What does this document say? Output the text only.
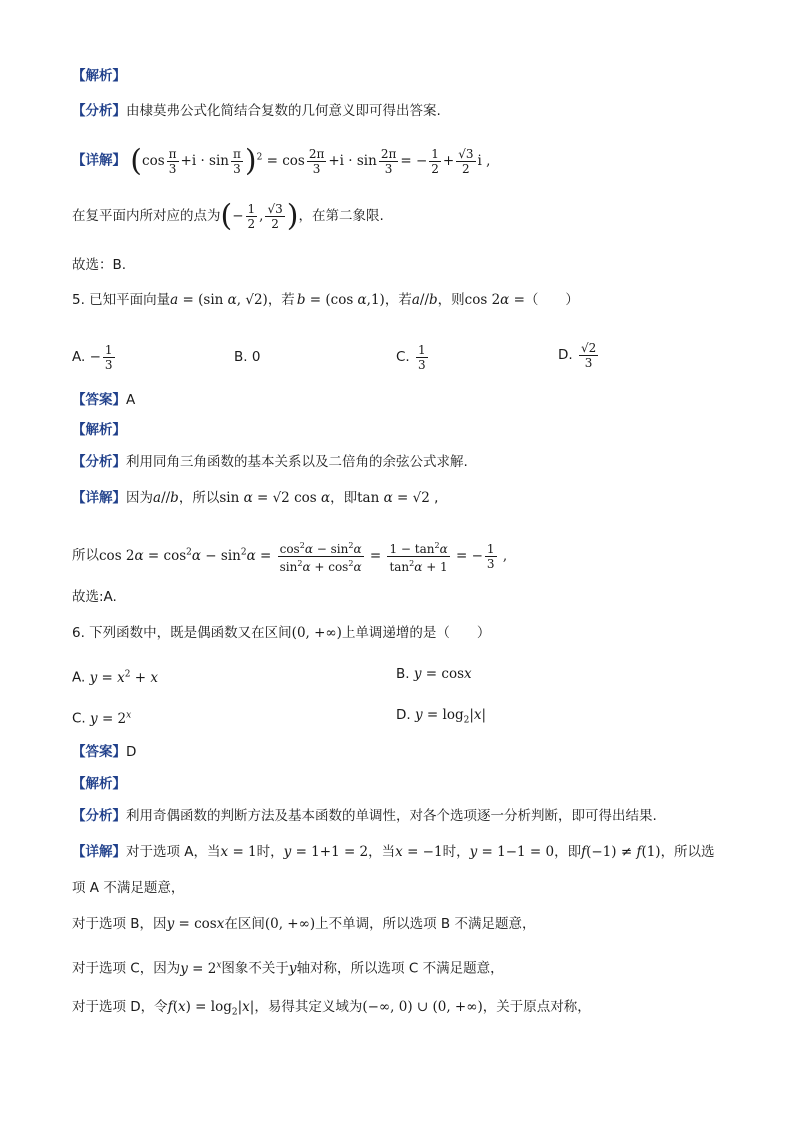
【解析】
【分析】由棣莫弗公式化简结合复数的几何意义即可得出答案.
【详解】 $(\cos \frac{\pi}{3} +i \cdot \sin \frac{\pi}{3} )^2 = \cos \frac{2\pi}{3} +i \cdot \sin \frac{2\pi}{3}$ = − $\frac{1}{2} + \frac{√3}{2}$ i ,
在复平面内所对应的点为(− $\frac{1}{2}$ , $\frac{√3}{2}$ )，在第二象限.
故选：B.
5. 已知平面向量a = (sin α, √2)，若 b = (cos α,1)，若a//b，则cos 2α =（　　）
A. − $\frac{1}{3}$	B. 0	C. $\frac{1}{3}$	D. $\frac{√2}{3}$
【答案】A
【解析】
【分析】利用同角三角函数的基本关系以及二倍角的余弦公式求解.
【详解】因为a//b，所以sin α = √2 cos α，即tan α = √2 ,
所以$\cos 2\alpha = \cos^2\alpha - \sin^2\alpha = \frac{\cos^2\alpha - \sin^2\alpha}{\sin^2\alpha + \cos^2\alpha} = \frac{1 - \tan^2\alpha}{\tan^2\alpha + 1}$ = − $\frac{1}{3}$ ,
故选:A.
6. 下列函数中，既是偶函数又在区间(0, +∞)上单调递增的是（　　）
A. $y = x^2 + x$	B. y = cosx
C. $y = 2^x$	D. $y = \log_2|x|$
【答案】D
【解析】
【分析】利用奇偶函数的判断方法及基本函数的单调性，对各个选项逐一分析判断，即可得出结果.
【详解】对于选项 A，当x = 1时，y = 1+1 = 2，当x = −1时，y = 1−1 = 0，即f(−1) ≠ f(1)，所以选
项 A 不满足题意，
对于选项 B，因y = cosx在区间(0, +∞)上不单调，所以选项 B 不满足题意，
对于选项 C，因为$y = 2^x$图象不关于y轴对称，所以选项 C 不满足题意，
对于选项 D，令$f(x) = \log_2|x|$，易得其定义域为(−∞, 0) ∪ (0, +∞)，关于原点对称，
